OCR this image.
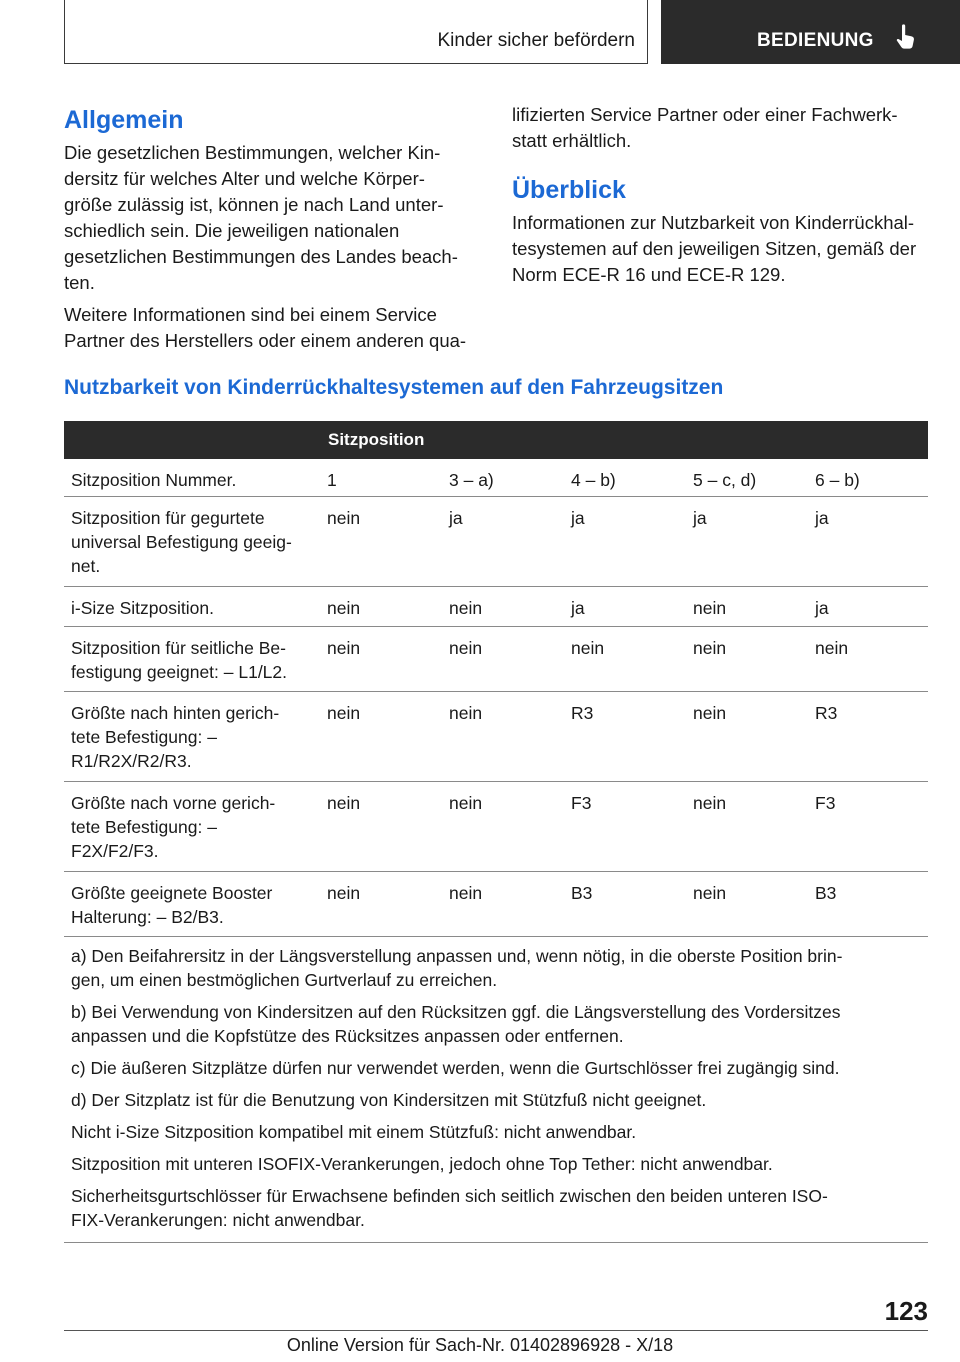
Kinder sicher befördern	BEDIENUNG
Allgemein
Die gesetzlichen Bestimmungen, welcher Kin-
dersitz für welches Alter und welche Körper-
größe zulässig ist, können je nach Land unter-
schiedlich sein. Die jeweiligen nationalen
gesetzlichen Bestimmungen des Landes beach-
ten.
Weitere Informationen sind bei einem Service
Partner des Herstellers oder einem anderen qua-
lifizierten Service Partner oder einer Fachwerk-
statt erhältlich.
Überblick
Informationen zur Nutzbarkeit von Kinderrückhal-
tesystemen auf den jeweiligen Sitzen, gemäß der
Norm ECE-R 16 und ECE-R 129.
Nutzbarkeit von Kinderrückhaltesystemen auf den Fahrzeugsitzen
Sitzposition
Sitzposition Nummer.	1	3 – a)	4 – b)	5 – c, d)	6 – b)
Sitzposition für gegurtete
universal Befestigung geeig-
net.
nein	ja	ja	ja	ja
i-Size Sitzposition.	nein	nein	ja	nein	ja
Sitzposition für seitliche Be-
festigung geeignet: – L1/L2.
nein	nein	nein	nein	nein
Größte nach hinten gerich-
tete Befestigung: –
R1/R2X/R2/R3.
nein	nein	R3	nein	R3
Größte nach vorne gerich-
tete Befestigung: –
F2X/F2/F3.
nein	nein	F3	nein	F3
Größte geeignete Booster
Halterung: – B2/B3.
nein	nein	B3	nein	B3
a) Den Beifahrersitz in der Längsverstellung anpassen und, wenn nötig, in die oberste Position brin-
gen, um einen bestmöglichen Gurtverlauf zu erreichen.
b) Bei Verwendung von Kindersitzen auf den Rücksitzen ggf. die Längsverstellung des Vordersitzes
anpassen und die Kopfstütze des Rücksitzes anpassen oder entfernen.
c) Die äußeren Sitzplätze dürfen nur verwendet werden, wenn die Gurtschlösser frei zugängig sind.
d) Der Sitzplatz ist für die Benutzung von Kindersitzen mit Stützfuß nicht geeignet.
Nicht i-Size Sitzposition kompatibel mit einem Stützfuß: nicht anwendbar.
Sitzposition mit unteren ISOFIX-Verankerungen, jedoch ohne Top Tether: nicht anwendbar.
Sicherheitsgurtschlösser für Erwachsene befinden sich seitlich zwischen den beiden unteren ISO-
FIX-Verankerungen: nicht anwendbar.
123
Online Version für Sach-Nr. 01402896928 - X/18
